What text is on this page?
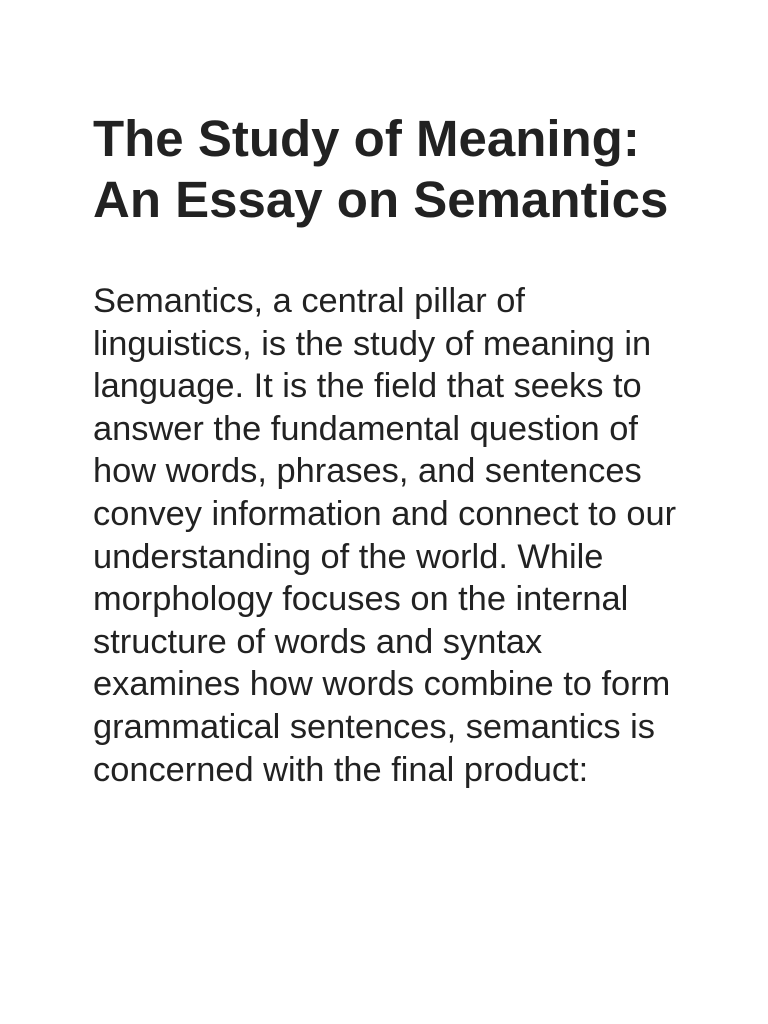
The Study of Meaning: An Essay on Semantics

Semantics, a central pillar of linguistics, is the study of meaning in language. It is the field that seeks to answer the fundamental question of how words, phrases, and sentences convey information and connect to our understanding of the world. While morphology focuses on the internal structure of words and syntax examines how words combine to form grammatical sentences, semantics is concerned with the final product:
